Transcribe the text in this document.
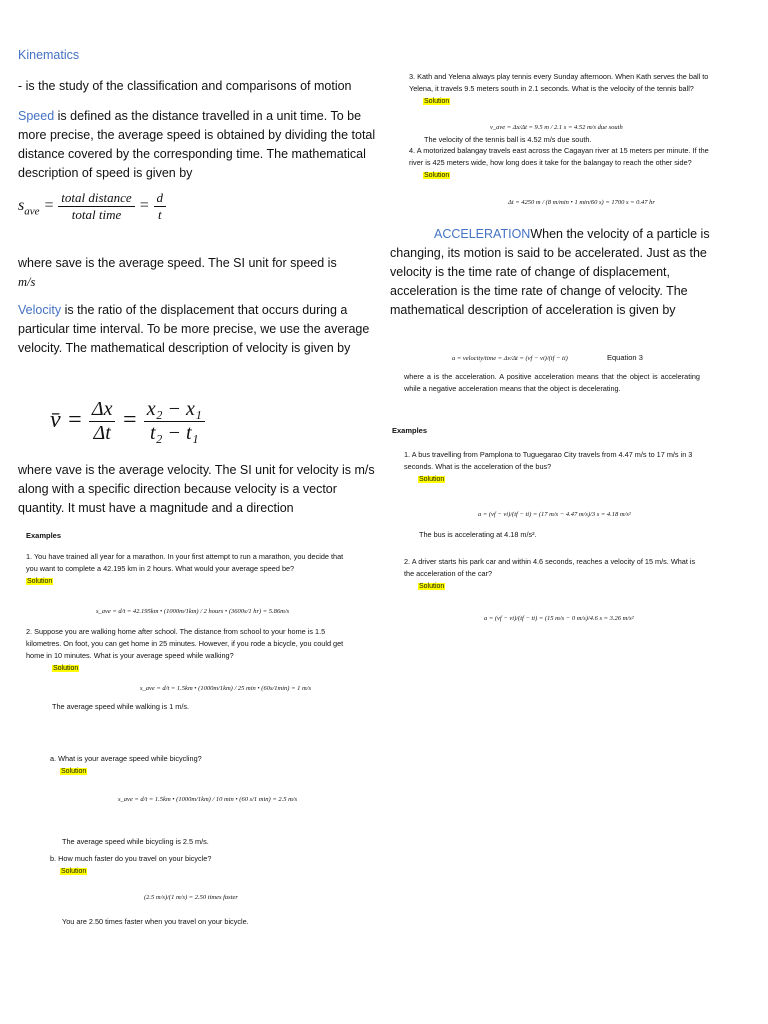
Kinematics
- is the study of the classification and comparisons of motion
Speed is defined as the distance travelled in a unit time. To be more precise, the average speed is obtained by dividing the total distance covered by the corresponding time. The mathematical description of speed is given by
$s_{ave} = \frac{\text{total distance}}{\text{total time}} = \frac{d}{t}$
where save is the average speed. The SI unit for speed is
m/s
Velocity is the ratio of the displacement that occurs during a particular time interval. To be more precise, we use the average velocity. The mathematical description of velocity is given by
v̄ = $\frac{\Delta x}{\Delta t} = \frac{\text{x₂ − x₁}}{\text{t₂ − t₁}}$
where vave is the average velocity. The SI unit for velocity is m/s along with a specific direction because velocity is a vector quantity. It must have a magnitude and a direction
Examples
1. You have trained all year for a marathon. In your first attempt to run a marathon, you decide that you want to complete a 42.195 km in 2 hours. What would your average speed be?
Solution
s_ave = d/t = 42.195km • (1000m/1km) / 2 hours • (3600s/1 hr) = 5.86m/s
2. Suppose you are walking home after school. The distance from school to your home is 1.5 kilometres. On foot, you can get home in 25 minutes. However, if you rode a bicycle, you could get home in 10 minutes. What is your average speed while walking?
Solution
s_ave = d/t = 1.5km • (1000m/1km) / 25 min • (60s/1min) = 1 m/s
The average speed while walking is 1 m/s.
a. What is your average speed while bicycling?
Solution
s_ave = d/t = 1.5km • (1000m/1km) / 10 min • (60 s/1 min) = 2.5 m/s
The average speed while bicycling is 2.5 m/s.
b. How much faster do you travel on your bicycle?
Solution
(2.5 m/s)/(1 m/s) = 2.50 times faster
You are 2.50 times faster when you travel on your bicycle.
3. Kath and Yelena always play tennis every Sunday afternoon. When Kath serves the ball to Yelena, it travels 9.5 meters south in 2.1 seconds. What is the velocity of the tennis ball?
Solution
v_ave = Δx/Δt = 9.5 m / 2.1 s = 4.52 m/s due south
The velocity of the tennis ball is 4.52 m/s due south.
4. A motorized balangay travels east across the Cagayan river at 15 meters per minute. If the river is 425 meters wide, how long does it take for the balangay to reach the other side?
Solution
Δt = 4250 m / (8 m/min • 1 min/60 s) = 1700 s = 0.47 hr
ACCELERATIONWhen the velocity of a particle is changing, its motion is said to be accelerated. Just as the velocity is the time rate of change of displacement, acceleration is the time rate of change of velocity. The mathematical description of acceleration is given by
a = velocity/time = Δv/Δt = (vf − vi)/(tf − ti)	Equation 3
where a is the acceleration. A positive acceleration means that the object is accelerating while a negative acceleration means that the object is decelerating.
Examples
1. A bus travelling from Pamplona to Tuguegarao City travels from 4.47 m/s to 17 m/s in 3 seconds. What is the acceleration of the bus?
Solution
a = (vf − vi)/(tf − ti) = (17 m/s − 4.47 m/s)/3 s = 4.18 m/s²
The bus is accelerating at 4.18 m/s².
2. A driver starts his park car and within 4.6 seconds, reaches a velocity of 15 m/s. What is the acceleration of the car?
Solution
a = (vf − vi)/(tf − ti) = (15 m/s − 0 m/s)/4.6 s = 3.26 m/s²
